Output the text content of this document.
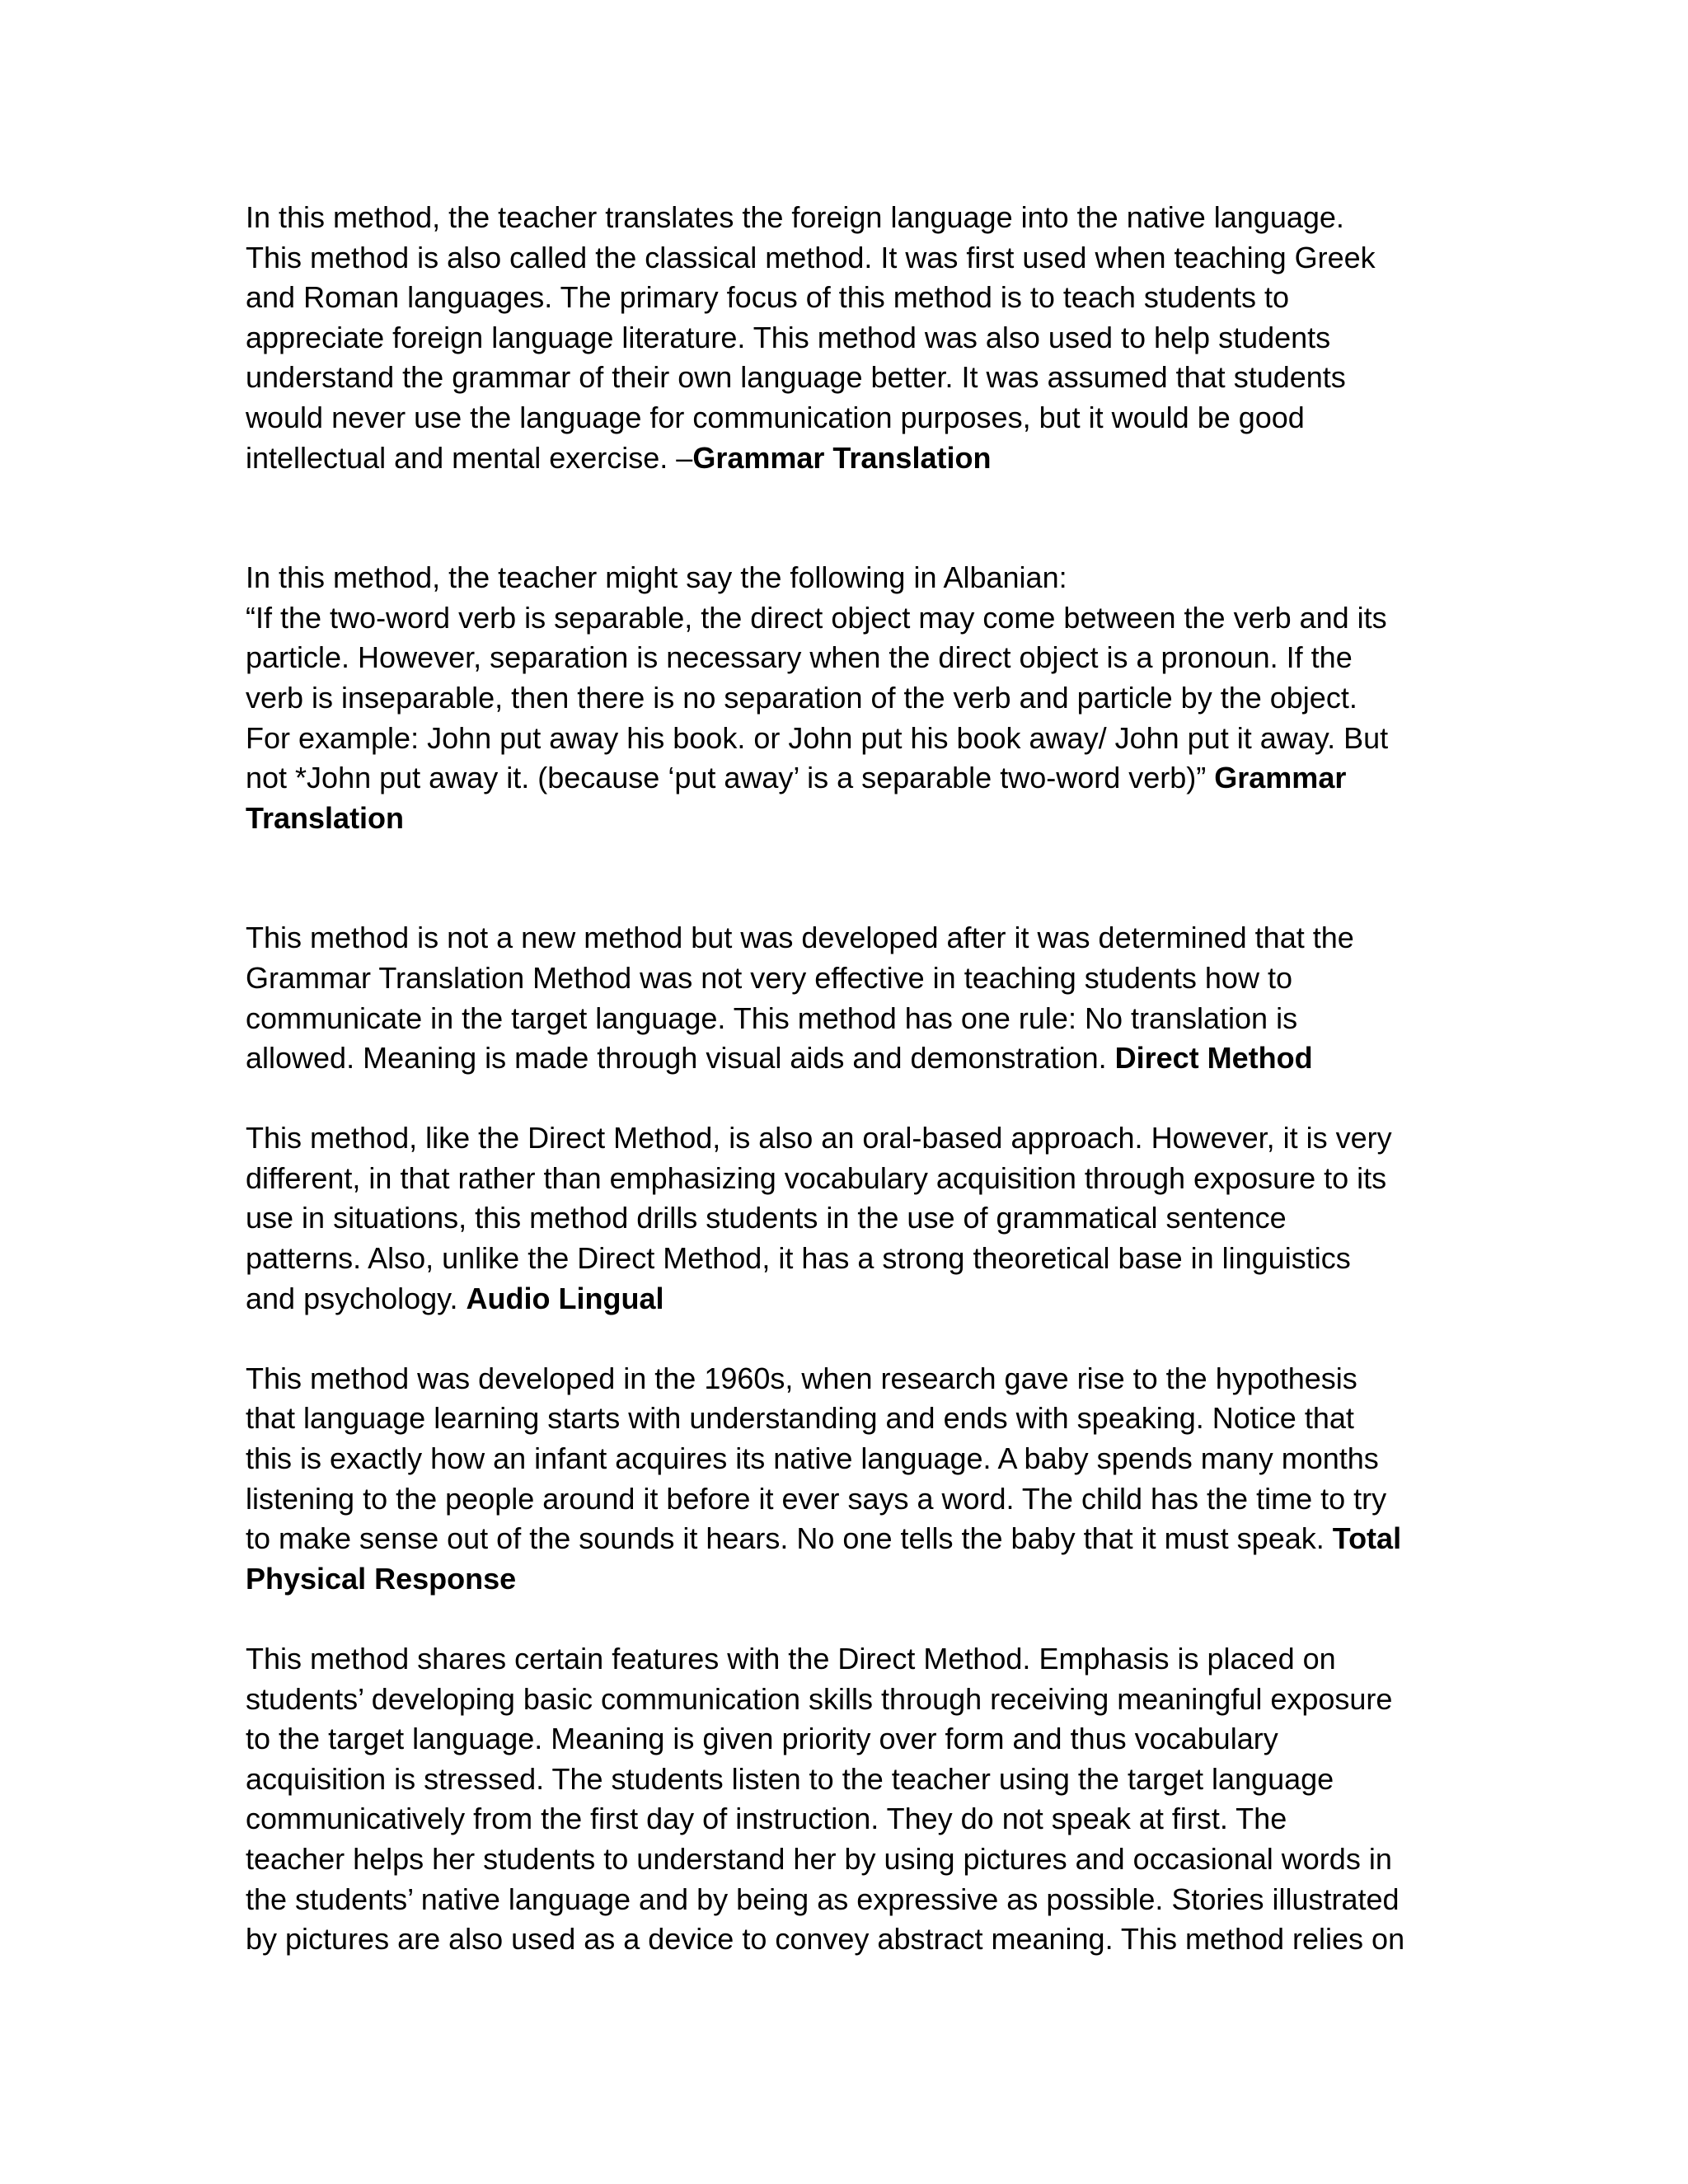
In this method, the teacher translates the foreign language into the native language.
This method is also called the classical method. It was first used when teaching Greek
and Roman languages. The primary focus of this method is to teach students to
appreciate foreign language literature. This method was also used to help students
understand the grammar of their own language better. It was assumed that students
would never use the language for communication purposes, but it would be good
intellectual and mental exercise. –Grammar Translation

In this method, the teacher might say the following in Albanian:
“If the two-word verb is separable, the direct object may come between the verb and its
particle. However, separation is necessary when the direct object is a pronoun. If the
verb is inseparable, then there is no separation of the verb and particle by the object.
For example: John put away his book. or John put his book away/ John put it away. But
not *John put away it. (because ‘put away’ is a separable two-word verb)” Grammar
Translation

This method is not a new method but was developed after it was determined that the
Grammar Translation Method was not very effective in teaching students how to
communicate in the target language. This method has one rule: No translation is
allowed. Meaning is made through visual aids and demonstration. Direct Method

This method, like the Direct Method, is also an oral-based approach. However, it is very
different, in that rather than emphasizing vocabulary acquisition through exposure to its
use in situations, this method drills students in the use of grammatical sentence
patterns. Also, unlike the Direct Method, it has a strong theoretical base in linguistics
and psychology. Audio Lingual

This method was developed in the 1960s, when research gave rise to the hypothesis
that language learning starts with understanding and ends with speaking. Notice that
this is exactly how an infant acquires its native language. A baby spends many months
listening to the people around it before it ever says a word. The child has the time to try
to make sense out of the sounds it hears. No one tells the baby that it must speak. Total
Physical Response

This method shares certain features with the Direct Method. Emphasis is placed on
students’ developing basic communication skills through receiving meaningful exposure
to the target language. Meaning is given priority over form and thus vocabulary
acquisition is stressed. The students listen to the teacher using the target language
communicatively from the first day of instruction. They do not speak at first. The
teacher helps her students to understand her by using pictures and occasional words in
the students’ native language and by being as expressive as possible. Stories illustrated
by pictures are also used as a device to convey abstract meaning. This method relies on
